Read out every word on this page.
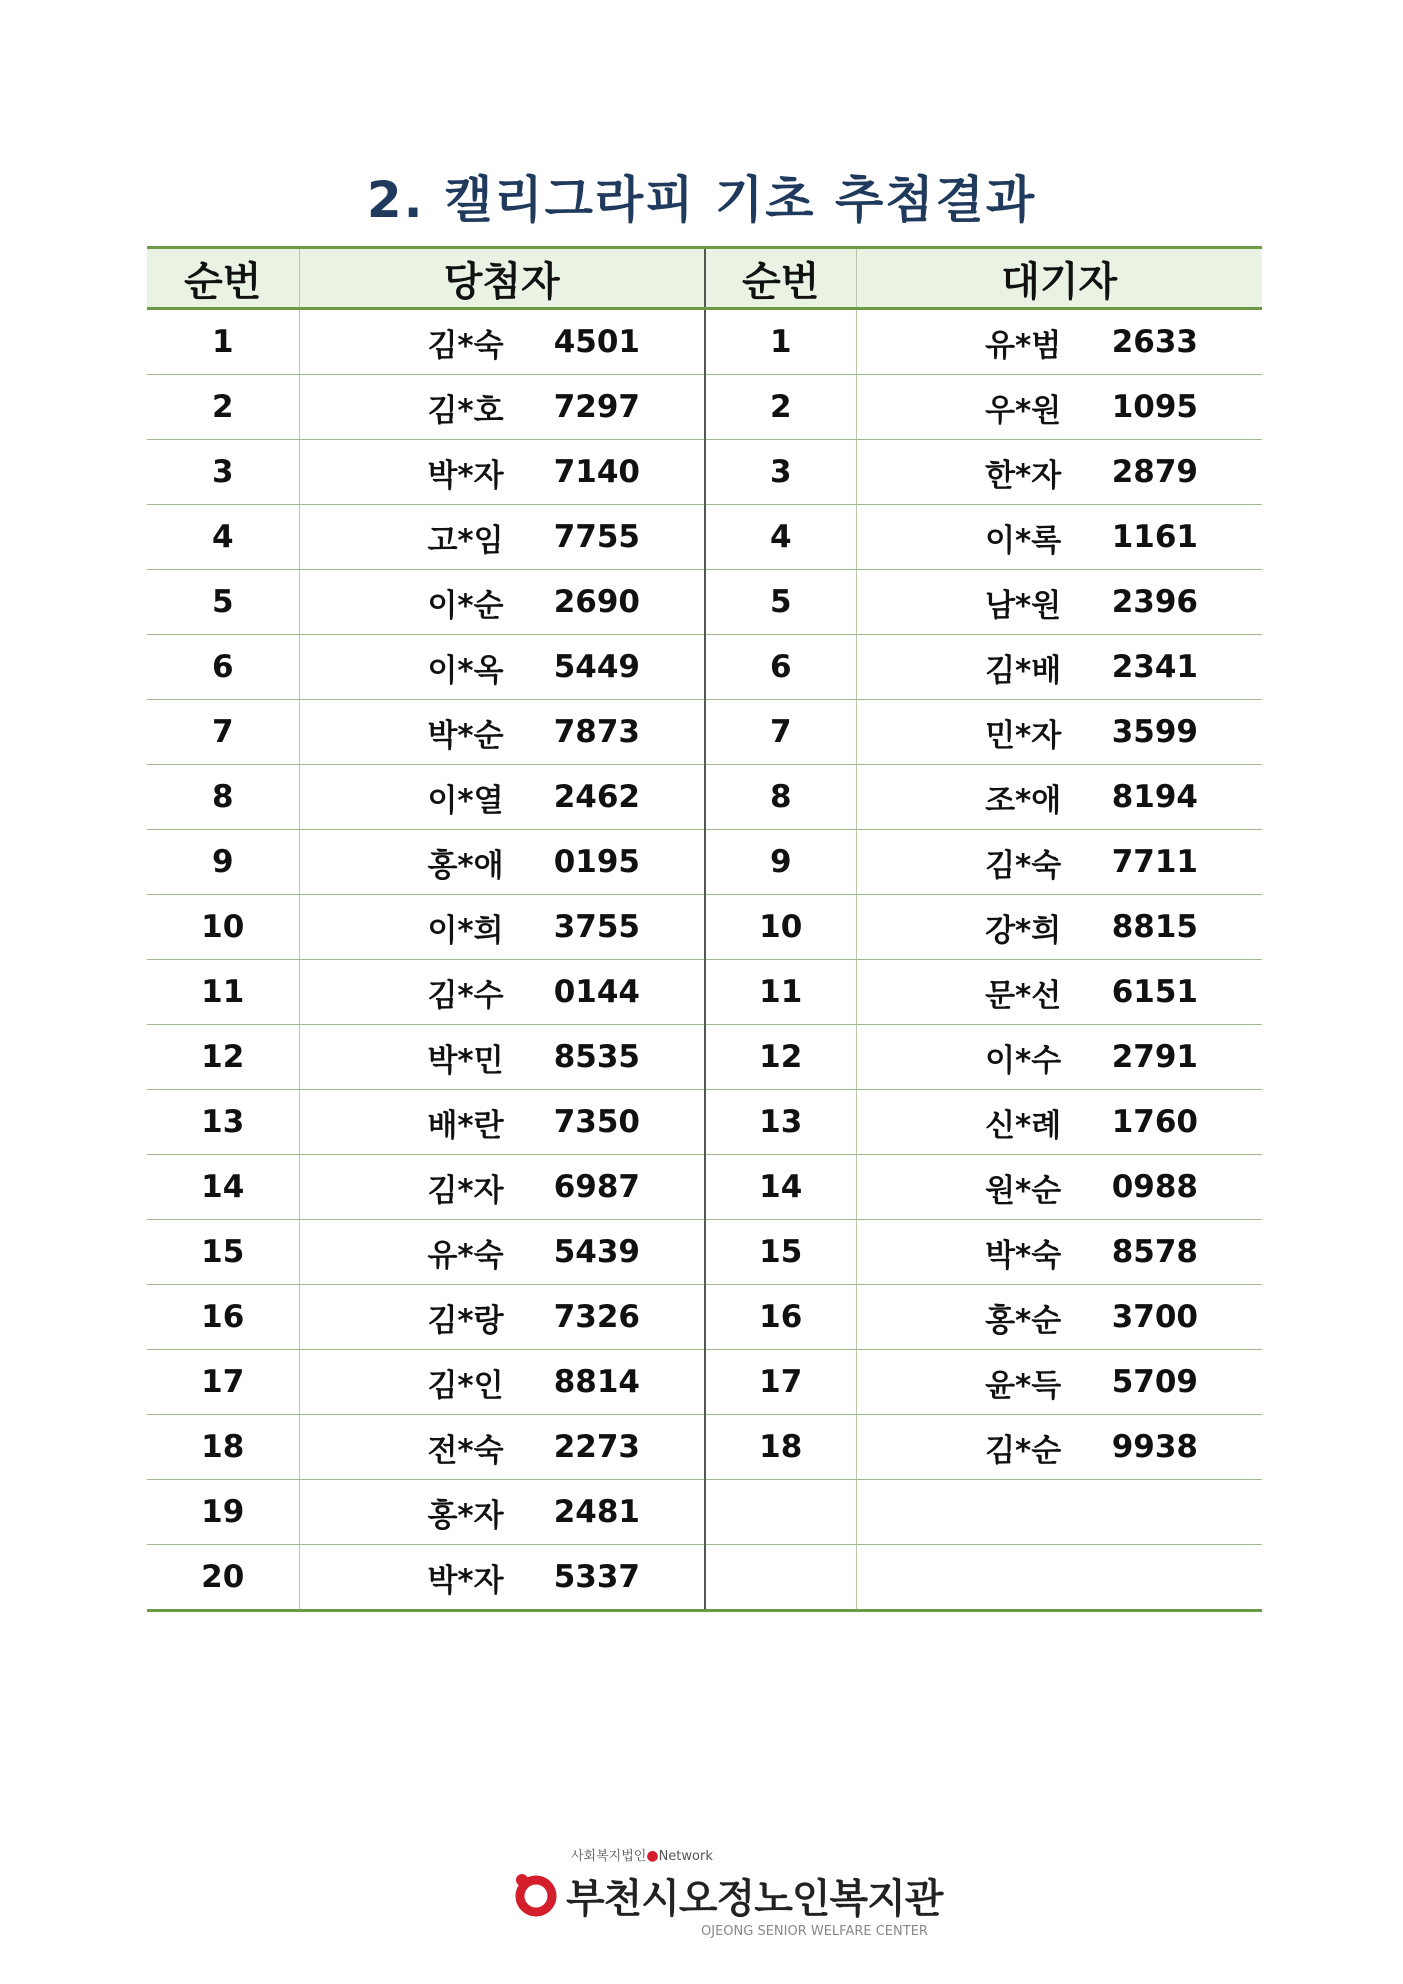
2. 캘리그라피 기초 추첨결과
순번	당첨자	순번	대기자
1	김*숙 4501	1	유*범 2633

2	김*호 7297	2	우*원 1095

3	박*자 7140	3	한*자 2879

4	고*임 7755	4	이*록 1161

5	이*순 2690	5	남*원 2396

6	이*옥 5449	6	김*배 2341

7	박*순 7873	7	민*자 3599

8	이*열 2462	8	조*애 8194

9	홍*애 0195	9	김*숙 7711

10	이*희 3755	10	강*희 8815

11	김*수 0144	11	문*선 6151

12	박*민 8535	12	이*수 2791

13	배*란 7350	13	신*례 1760

14	김*자 6987	14	원*순 0988

15	유*숙 5439	15	박*숙 8578

16	김*랑 7326	16	홍*순 3700

17	김*인 8814	17	윤*득 5709

18	전*숙 2273	18	김*순 9938

19	홍*자 2481		

20	박*자 5337		

사회복지법인●Network
부천시오정노인복지관
OJEONG SENIOR WELFARE CENTER
